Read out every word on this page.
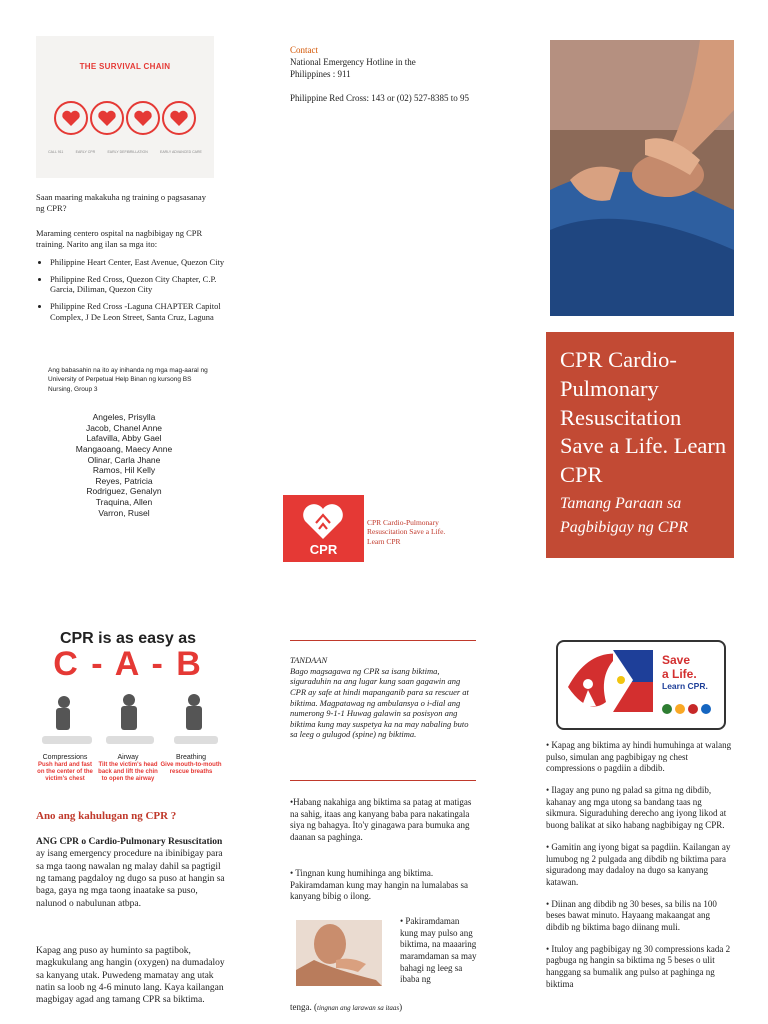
THE SURVIVAL CHAIN
CALL 911	EARLY CPR	EARLY DEFIBRILLATION	EARLY ADVANCED CARE
Saan maaring makakuha ng training o pagsasanay ng CPR?
Maraming centero ospital na nagbibigay ng CPR training. Narito ang ilan sa mga ito:
• Philippine Heart Center, East Avenue, Quezon City
• Philippine Red Cross, Quezon City Chapter, C.P. Garcia, Diliman, Quezon City
• Philippine Red Cross -Laguna CHAPTER Capitol Complex, J De Leon Street, Santa Cruz, Laguna
Ang babasahin na ito ay inihanda ng mga mag-aaral ng University of Perpetual Help Binan ng kursong BS Nursing, Group 3
Angeles, Prisylla
Jacob, Chanel Anne
Lafavilla, Abby Gael
Mangaoang, Maecy Anne
Olinar, Carla Jhane
Ramos, Hil Kelly
Reyes, Patricia
Rodriguez, Genalyn
Traquina, Allen
Varron, Rusel
Contact
National Emergency Hotline in the Philippines : 911
Philippine Red Cross: 143 or (02) 527-8385 to 95
CPR
CPR Cardio-Pulmonary Resuscitation Save a Life. Learn CPR
CPR Cardio-Pulmonary Resuscitation Save a Life. Learn CPR
Tamang Paraan sa Pagbibigay ng CPR
CPR is as easy as
C - A - B
Compressions
Push hard and fast on the center of the victim's chest
Airway
Tilt the victim's head back and lift the chin to open the airway
Breathing
Give mouth-to-mouth rescue breaths
Ano ang kahulugan ng CPR ?
ANG CPR o Cardio-Pulmonary Resuscitation ay isang emergency procedure na ibinibigay para sa mga taong nawalan ng malay dahil sa pagtigil ng tamang pagdaloy ng dugo sa puso at hangin sa baga, gaya ng mga taong inaatake sa puso, nalunod o nabulunan atbpa.
Kapag ang puso ay huminto sa pagtibok, magkukulang ang hangin (oxygen) na dumadaloy sa kanyang utak. Puwedeng mamatay ang utak natin sa loob ng 4-6 minuto lang. Kaya kailangan magbigay agad ang tamang CPR sa biktima.
TANDAAN
Bago magsagawa ng CPR sa isang biktima, siguraduhin na ang lugar kung saan gagawin ang CPR ay safe at hindi mapanganib para sa rescuer at biktima. Magpatawag ng ambulansya o i-dial ang numerong 9-1-1 Huwag galawin sa posisyon ang biktima kung may suspetya ka na may nabaling buto sa leeg o gulugod (spine) ng biktima.
•Habang nakahiga ang biktima sa patag at matigas na sahig, itaas ang kanyang baba para nakatingala siya ng bahagya. Ito'y ginagawa para bumuka ang daanan sa paghinga.
• Tingnan kung humihinga ang biktima. Pakiramdaman kung may hangin na lumalabas sa kanyang bibig o ilong.
• Pakiramdaman kung may pulso ang biktima, na maaaring maramdaman sa may bahagi ng leeg sa ibaba ng
tenga. (tingnan ang larawan sa itaas)
Save
a Life.
Learn CPR.
• Kapag ang biktima ay hindi humuhinga at walang pulso, simulan ang pagbibigay ng chest compressions o pagdiin a dibdib.
• Ilagay ang puno ng palad sa gitna ng dibdib, kahanay ang mga utong sa bandang taas ng sikmura. Siguraduhing derecho ang iyong likod at buong balikat at siko habang nagbibigay ng CPR.
• Gamitin ang iyong bigat sa pagdiin. Kailangan ay lumubog ng 2 pulgada ang dibdib ng biktima para siguradong may dadaloy na dugo sa kanyang katawan.
• Diinan ang dibdib ng 30 beses, sa bilis na 100 beses bawat minuto. Hayaang makaangat ang dibdib ng biktima bago diinang muli.
• Ituloy ang pagbibigay ng 30 compressions kada 2 pagbuga ng hangin sa biktima ng 5 beses o ulit hanggang sa bumalik ang pulso at paghinga ng biktima
